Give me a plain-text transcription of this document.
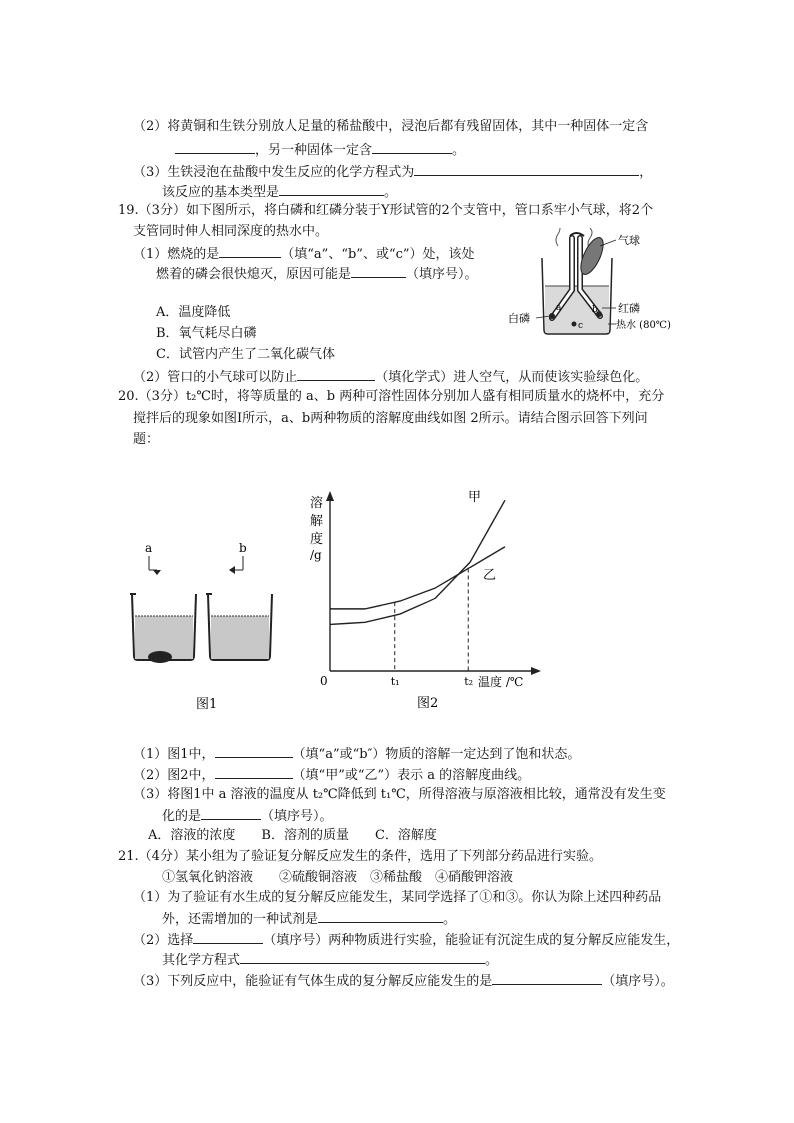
（2）将黄铜和生铁分别放人足量的稀盐酸中，浸泡后都有残留固体，其中一种固体一定含
，另一种固体一定含	。
（3）生铁浸泡在盐酸中发生反应的化学方程式为	，
该反应的基本类型是	。
19.（3分）如下图所示，将白磷和红磷分装于Y形试管的2个支管中，管口系牢小气球，将2个
支管同时伸人相同深度的热水中。
（1）燃烧的是	（填“a”、“b”、或“c”）处，该处
燃着的磷会很快熄灭，原因可能是	（填序号）。
A．温度降低
B．氧气耗尽白磷
C．试管内产生了二氧化碳气体
（2）管口的小气球可以防止	（填化学式）进人空气，从而使该实验绿色化。
a	b
c
气球
红磷
热水 (80℃)
白磷
20.（3分）t₂℃时，将等质量的 a、b 两种可溶性固体分别加人盛有相同质量水的烧杯中，充分
搅拌后的现象如图Ⅰ所示，a、b两种物质的溶解度曲线如图 2所示。请结合图示回答下列问
题：
a	b
图1
溶
解
度
/g
0	温度 /℃
t₁	t₂
甲
乙
图2
（1）图1中，	（填“a”或“b″）物质的溶解一定达到了饱和状态。
（2）图2中，	（填“甲”或“乙”）表示 a 的溶解度曲线。
（3）将图1中 a 溶液的温度从 t₂℃降低到 t₁℃，所得溶液与原溶液相比较，通常没有发生变
化的是	（填序号）。
A．溶液的浓度　　B．溶剂的质量　　C．溶解度
21.（4分）某小组为了验证复分解反应发生的条件，选用了下列部分药品进行实验。
①氢氧化钠溶液　　②硫酸铜溶液　③稀盐酸　④硝酸钾溶液
（1）为了验证有水生成的复分解反应能发生，某同学选择了①和③。你认为除上述四种药品
外，还需增加的一种试剂是	。
（2）选择	（填序号）两种物质进行实验，能验证有沉淀生成的复分解反应能发生，
其化学方程式	。
（3）下列反应中，能验证有气体生成的复分解反应能发生的是	（填序号）。
